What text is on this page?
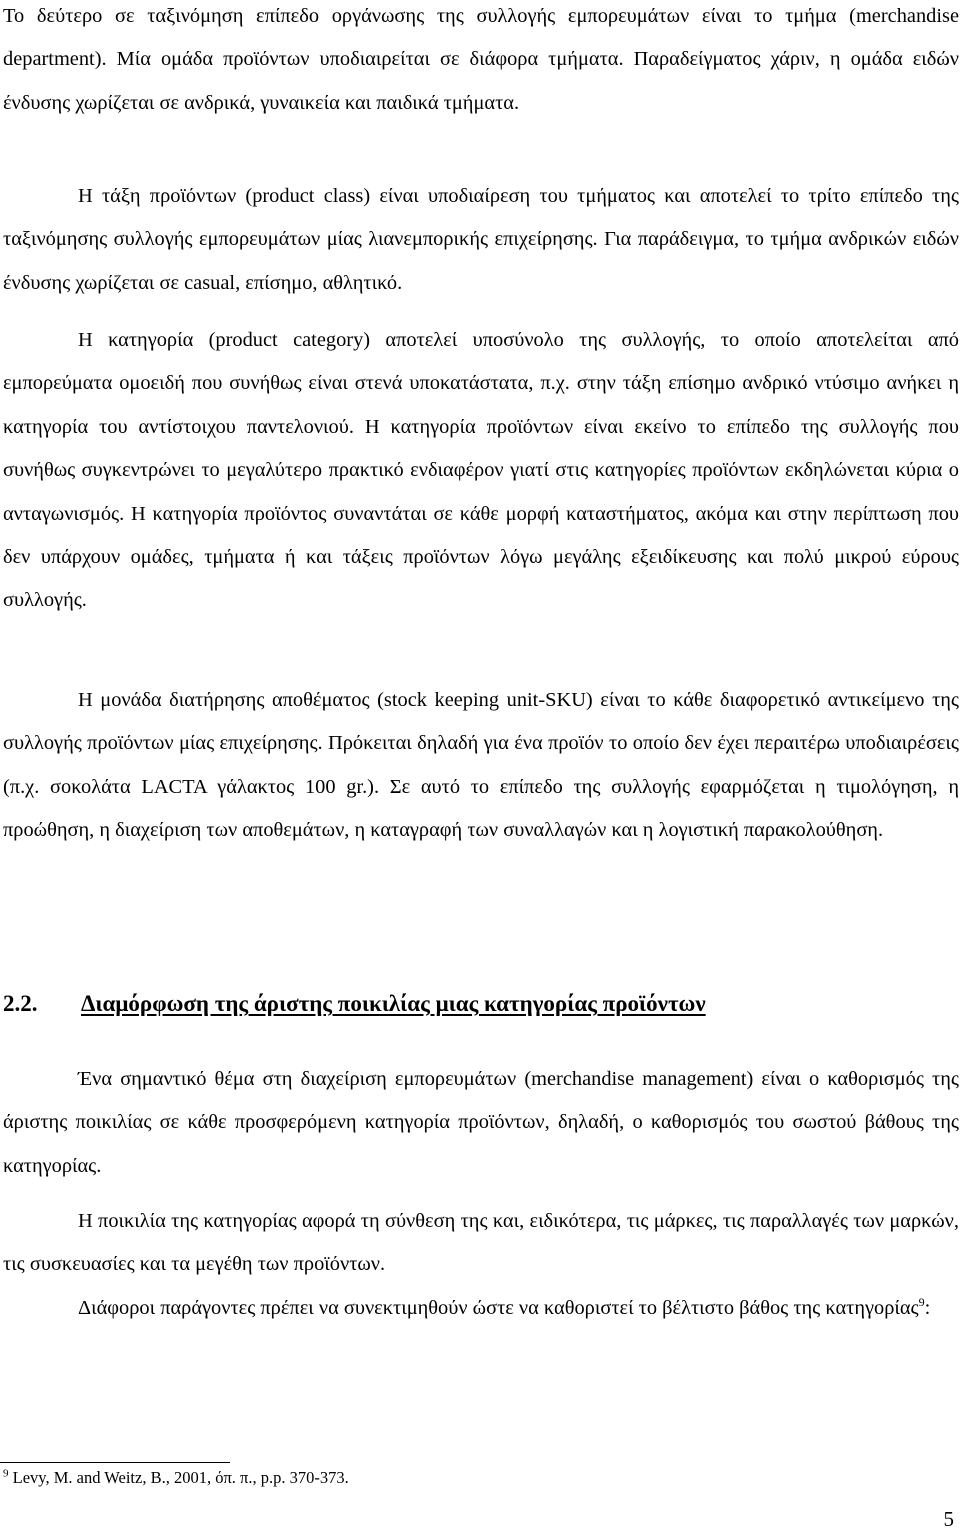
Το δεύτερο σε ταξινόμηση επίπεδο οργάνωσης της συλλογής εμπορευμάτων είναι το τμήμα (merchandise department). Μία ομάδα προϊόντων υποδιαιρείται σε διάφορα τμήματα. Παραδείγματος χάριν, η ομάδα ειδών ένδυσης χωρίζεται σε ανδρικά, γυναικεία και παιδικά τμήματα.

Η τάξη προϊόντων (product class) είναι υποδιαίρεση του τμήματος και αποτελεί το τρίτο επίπεδο της ταξινόμησης συλλογής εμπορευμάτων μίας λιανεμπορικής επιχείρησης. Για παράδειγμα, το τμήμα ανδρικών ειδών ένδυσης χωρίζεται σε casual, επίσημο, αθλητικό.

Η κατηγορία (product category) αποτελεί υποσύνολο της συλλογής, το οποίο αποτελείται από εμπορεύματα ομοειδή που συνήθως είναι στενά υποκατάστατα, π.χ. στην τάξη επίσημο ανδρικό ντύσιμο ανήκει η κατηγορία του αντίστοιχου παντελονιού. Η κατηγορία προϊόντων είναι εκείνο το επίπεδο της συλλογής που συνήθως συγκεντρώνει το μεγαλύτερο πρακτικό ενδιαφέρον γιατί στις κατηγορίες προϊόντων εκδηλώνεται κύρια ο ανταγωνισμός. Η κατηγορία προϊόντος συναντάται σε κάθε μορφή καταστήματος, ακόμα και στην περίπτωση που δεν υπάρχουν ομάδες, τμήματα ή και τάξεις προϊόντων λόγω μεγάλης εξειδίκευσης και πολύ μικρού εύρους συλλογής.

Η μονάδα διατήρησης αποθέματος (stock keeping unit-SKU) είναι το κάθε διαφορετικό αντικείμενο της συλλογής προϊόντων μίας επιχείρησης. Πρόκειται δηλαδή για ένα προϊόν το οποίο δεν έχει περαιτέρω υποδιαιρέσεις (π.χ. σοκολάτα LACTA γάλακτος 100 gr.). Σε αυτό το επίπεδο της συλλογής εφαρμόζεται η τιμολόγηση, η προώθηση, η διαχείριση των αποθεμάτων, η καταγραφή των συναλλαγών και η λογιστική παρακολούθηση.

2.2. Διαμόρφωση της άριστης ποικιλίας μιας κατηγορίας προϊόντων

Ένα σημαντικό θέμα στη διαχείριση εμπορευμάτων (merchandise management) είναι ο καθορισμός της άριστης ποικιλίας σε κάθε προσφερόμενη κατηγορία προϊόντων, δηλαδή, ο καθορισμός του σωστού βάθους της κατηγορίας.

Η ποικιλία της κατηγορίας αφορά τη σύνθεση της και, ειδικότερα, τις μάρκες, τις παραλλαγές των μαρκών, τις συσκευασίες και τα μεγέθη των προϊόντων.

Διάφοροι παράγοντες πρέπει να συνεκτιμηθούν ώστε να καθοριστεί το βέλτιστο βάθος της κατηγορίας$^9$:

$^9$ Levy, M. and Weitz, B., 2001, όπ. π., p.p. 370-373.

5
